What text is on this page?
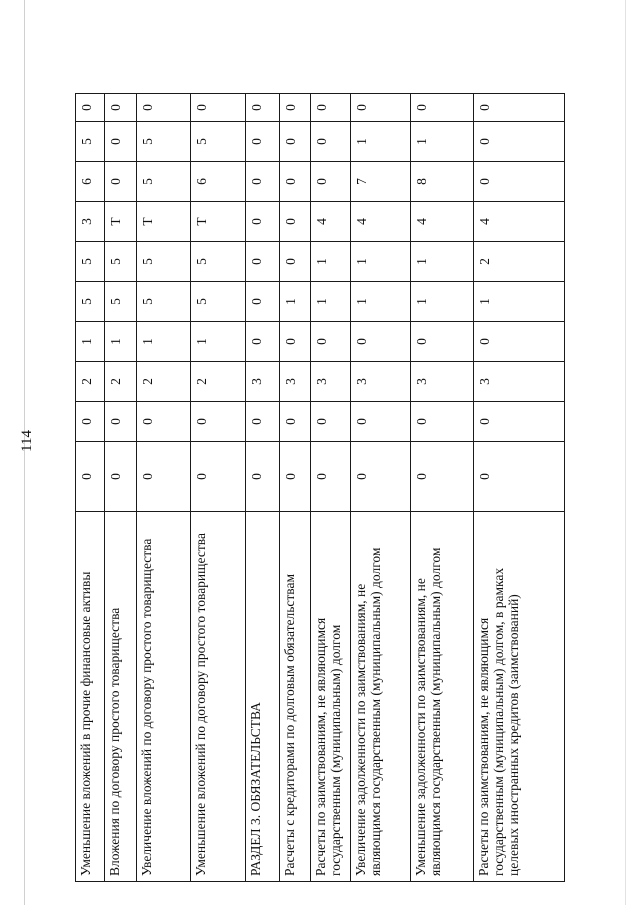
114
Уменьшение вложений в прочие финансовые активы	0	0	2	1	5	5	3	6	5	0
Вложения по договору простого товарищества	0	0	2	1	5	5	Т	0	0	0
Увеличение вложений по договору простого товарищества	0	0	2	1	5	5	Т	5	5	0
Уменьшение вложений по договору простого товарищества	0	0	2	1	5	5	Т	6	5	0
РАЗДЕЛ 3. ОБЯЗАТЕЛЬСТВА	0	0	3	0	0	0	0	0	0	0
Расчеты с кредиторами по долговым обязательствам	0	0	3	0	1	0	0	0	0	0
Расчеты по заимствованиям, не являющимся государственным (муниципальным) долгом	0	0	3	0	1	1	4	0	0	0
Увеличение задолженности по заимствованиям, не являющимся государственным (муниципальным) долгом	0	0	3	0	1	1	4	7	1	0
Уменьшение задолженности по заимствованиям, не являющимся государственным (муниципальным) долгом	0	0	3	0	1	1	4	8	1	0
Расчеты по заимствованиям, не являющимся государственным (муниципальным) долгом, в рамках целевых иностранных кредитов (заимствований)	0	0	3	0	1	2	4	0	0	0
